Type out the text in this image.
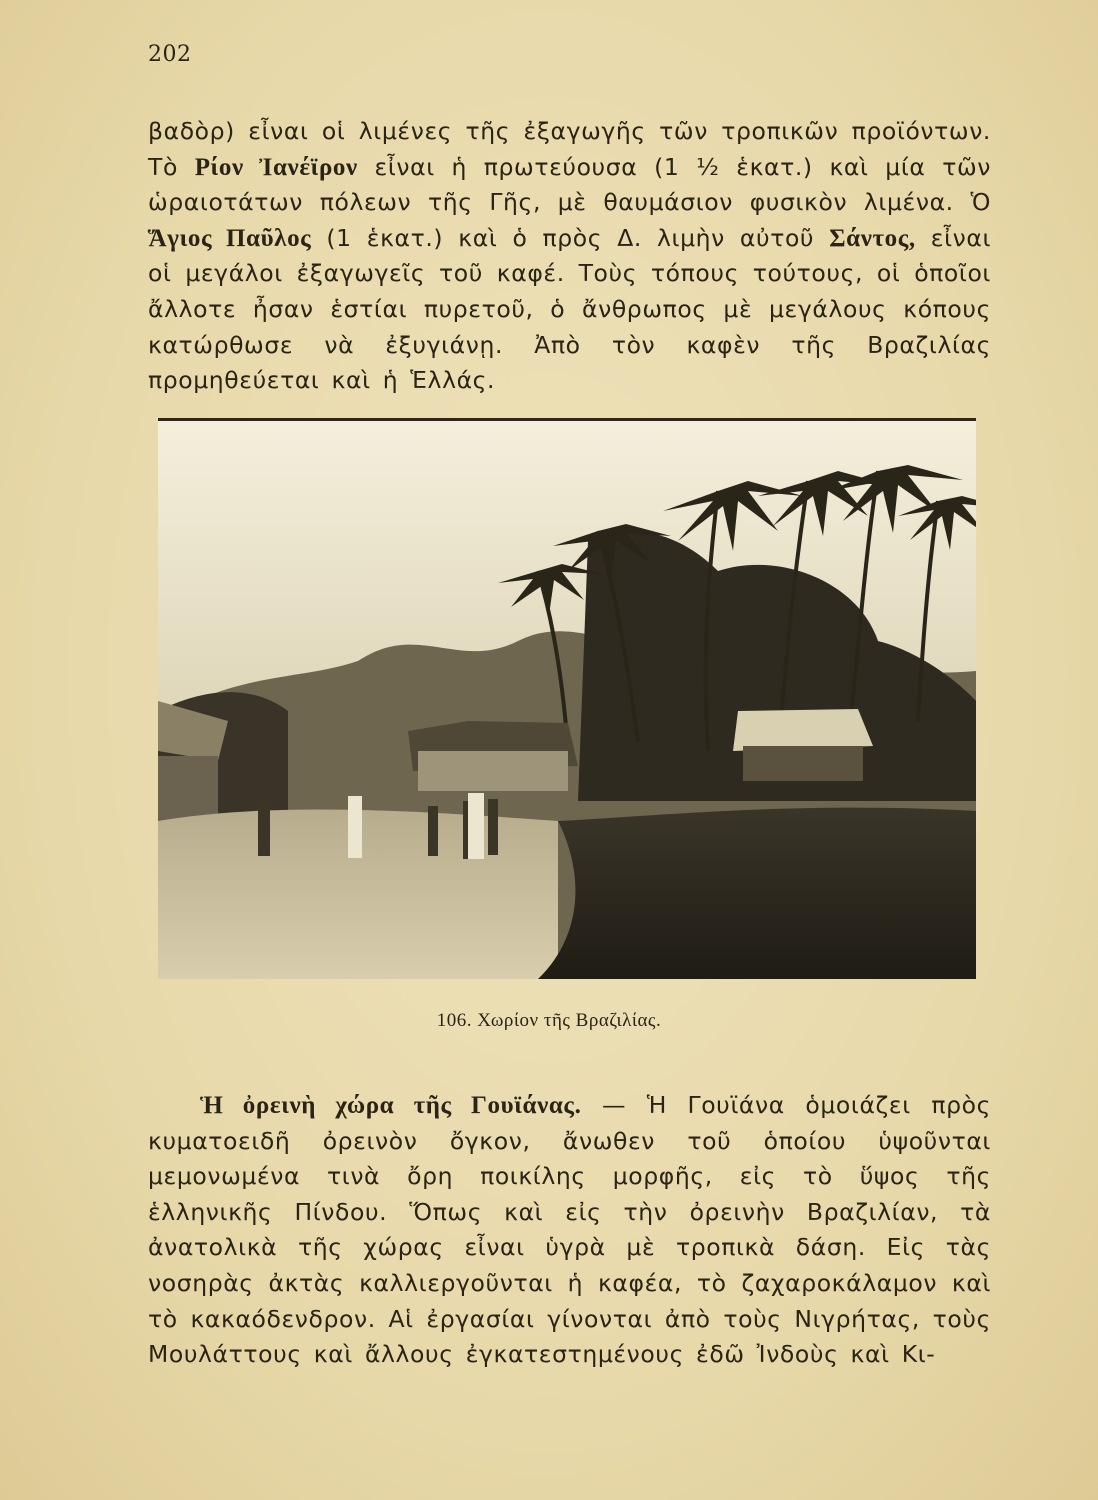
202

βαδὸρ) εἶναι οἱ λιμένες τῆς ἐξαγωγῆς τῶν τροπικῶν προϊόντων. Τὸ Ρίον Ἰανέϊρον εἶναι ἡ πρωτεύουσα (1 ½ ἑκατ.) καὶ μία τῶν ὡραιοτάτων πόλεων τῆς Γῆς, μὲ θαυμάσιον φυσικὸν λιμένα. Ὁ Ἅγιος Παῦλος (1 ἑκατ.) καὶ ὁ πρὸς Δ. λιμὴν αὐτοῦ Σάντος, εἶναι οἱ μεγάλοι ἐξαγωγεῖς τοῦ καφέ. Τοὺς τόπους τούτους, οἱ ὁποῖοι ἄλλοτε ἦσαν ἑστίαι πυρετοῦ, ὁ ἄνθρωπος μὲ μεγάλους κόπους κατώρθωσε νὰ ἐξυγιάνῃ. Ἀπὸ τὸν καφὲν τῆς Βραζιλίας προμηθεύεται καὶ ἡ Ἑλλάς.

106. Χωρίον τῆς Βραζιλίας.

Ἡ ὀρεινὴ χώρα τῆς Γουϊάνας. — Ἡ Γουϊάνα ὁμοιάζει πρὸς κυματοειδῆ ὀρεινὸν ὄγκον, ἄνωθεν τοῦ ὁποίου ὑψοῦνται μεμονωμένα τινὰ ὄρη ποικίλης μορφῆς, εἰς τὸ ὕψος τῆς ἑλληνικῆς Πίνδου. Ὅπως καὶ εἰς τὴν ὀρεινὴν Βραζιλίαν, τὰ ἀνατολικὰ τῆς χώρας εἶναι ὑγρὰ μὲ τροπικὰ δάση. Εἰς τὰς νοσηρὰς ἀκτὰς καλλιεργοῦνται ἡ καφέα, τὸ ζαχαροκάλαμον καὶ τὸ κακαόδενδρον. Αἱ ἐργασίαι γίνονται ἀπὸ τοὺς Νιγρήτας, τοὺς Μουλάττους καὶ ἄλλους ἐγκατεστημένους ἐδῶ Ἰνδοὺς καὶ Κι-
